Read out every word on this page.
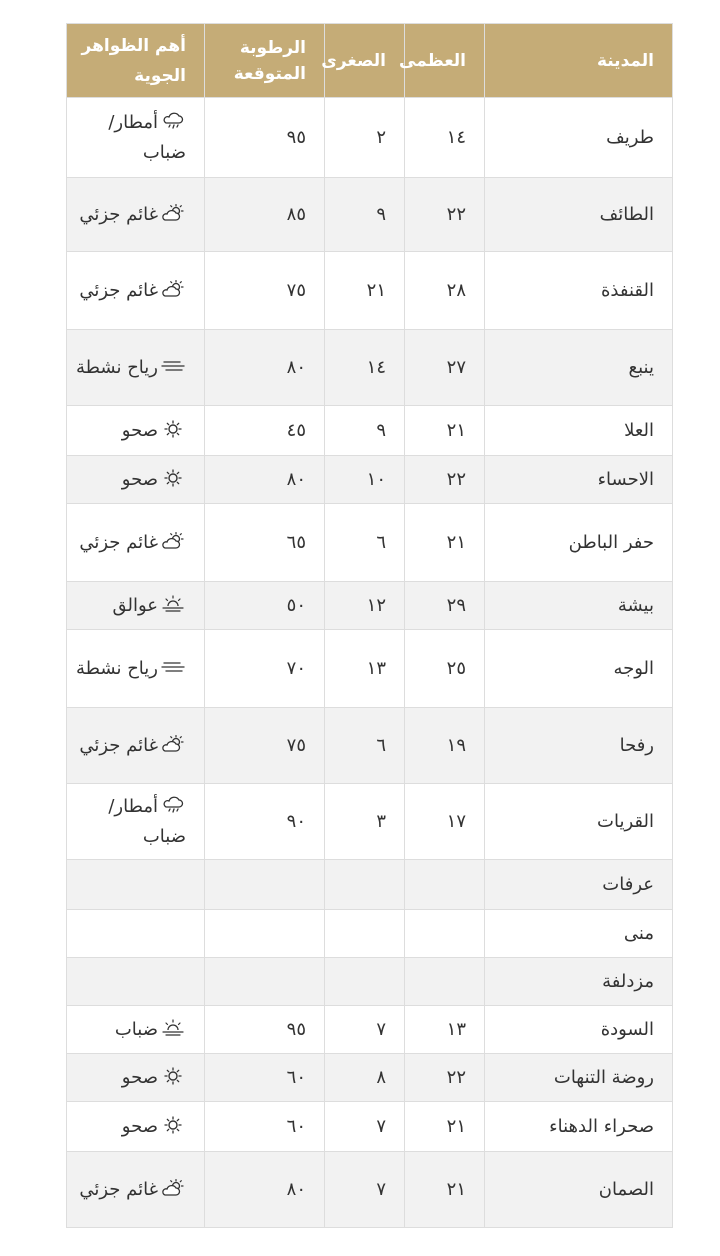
المدينة	العظمى	الصغرى	الرطوبة المتوقعة	أهم الظواهر الجوية
طريف	١٤	٢	٩٥	أمطار/ضباب
الطائف	٢٢	٩	٨٥	غائم جزئي
القنفذة	٢٨	٢١	٧٥	غائم جزئي
ينبع	٢٧	١٤	٨٠	رياح نشطة
العلا	٢١	٩	٤٥	صحو
الاحساء	٢٢	١٠	٨٠	صحو
حفر الباطن	٢١	٦	٦٥	غائم جزئي
بيشة	٢٩	١٢	٥٠	عوالق
الوجه	٢٥	١٣	٧٠	رياح نشطة
رفحا	١٩	٦	٧٥	غائم جزئي
القريات	١٧	٣	٩٠	أمطار/ضباب
عرفات				
منى				
مزدلفة				
السودة	١٣	٧	٩٥	ضباب
روضة التنهات	٢٢	٨	٦٠	صحو
صحراء الدهناء	٢١	٧	٦٠	صحو
الصمان	٢١	٧	٨٠	غائم جزئي
